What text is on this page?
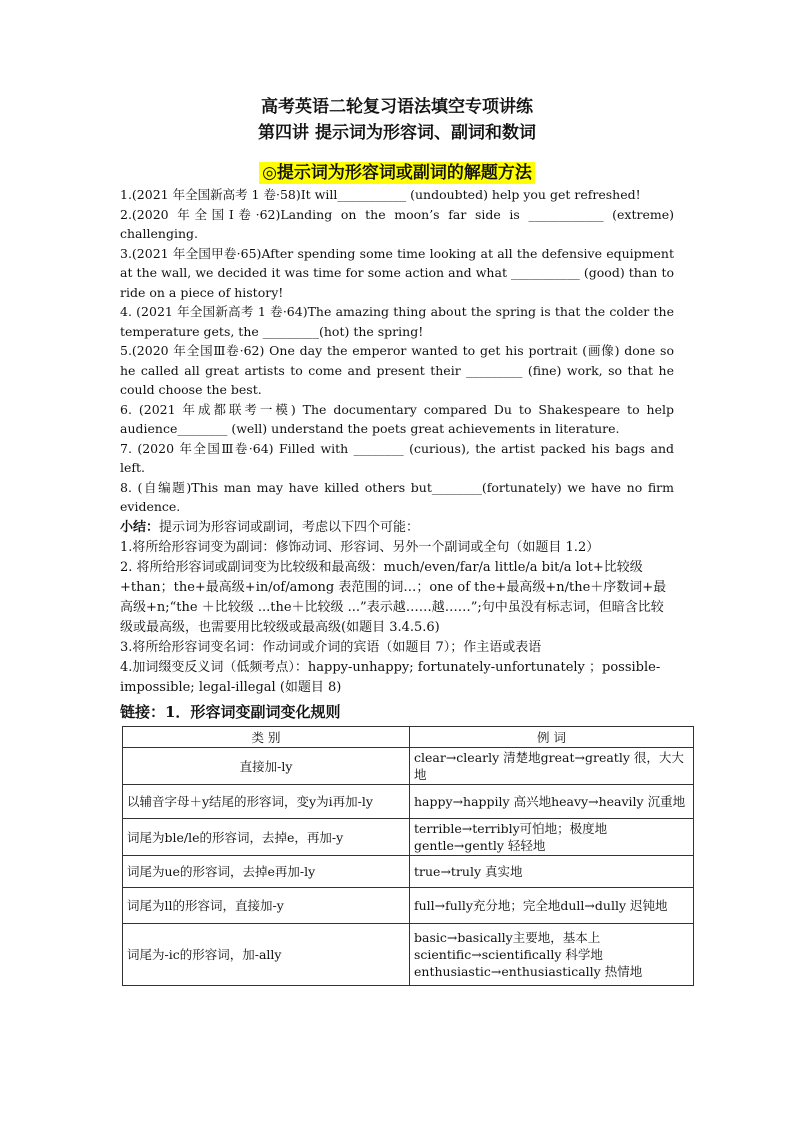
高考英语二轮复习语法填空专项讲练
第四讲 提示词为形容词、副词和数词
◎提示词为形容词或副词的解题方法
1.(2021 年全国新高考 1 卷·58)It will___________ (undoubted) help you get refreshed!
2.(2020 年全国Ⅰ卷·62)Landing on the moon’s far side is ____________ (extreme) challenging.
3.(2021 年全国甲卷·65)After spending some time looking at all the defensive equipment at the wall, we decided it was time for some action and what ___________ (good) than to ride on a piece of history!
4. (2021 年全国新高考 1 卷·64)The amazing thing about the spring is that the colder the temperature gets, the _________(hot) the spring!
5.(2020 年全国Ⅲ卷·62) One day the emperor wanted to get his portrait (画像) done so he called all great artists to come and present their _________ (fine) work, so that he could choose the best.
6. (2021 年成都联考一模) The documentary compared Du to Shakespeare to help audience________ (well) understand the poets great achievements in literature.
7. (2020 年全国Ⅲ卷·64) Filled with ________ (curious), the artist packed his bags and left.
8. (自编题)This man may have killed others but________(fortunately) we have no firm evidence.
小结：提示词为形容词或副词，考虑以下四个可能：
1.将所给形容词变为副词：修饰动词、形容词、另外一个副词或全句（如题目 1.2）
2. 将所给形容词或副词变为比较级和最高级：much/even/far/a little/a bit/a lot+比较级+than；the+最高级+in/of/among 表范围的词…；one of the+最高级+n/the＋序数词+最高级+n;“the ＋比较级 ...the＋比较级 ...”表示越……越……”;句中虽没有标志词，但暗含比较级或最高级，也需要用比较级或最高级(如题目 3.4.5.6)
3.将所给形容词变名词：作动词或介词的宾语（如题目 7）；作主语或表语
4.加词缀变反义词（低频考点）：happy-unhappy; fortunately-unfortunately ；possible-impossible; legal-illegal (如题目 8)
链接：1．形容词变副词变化规则
类 别	例 词
直接加-ly	clear→clearly 清楚地great→greatly 很，大大地

以辅音字母＋y结尾的形容词，变y为i再加-ly	happy→happily 高兴地heavy→heavily 沉重地

词尾为ble/le的形容词，去掉e，再加-y	terrible→terribly可怕地；极度地
gentle→gently 轻轻地

词尾为ue的形容词，去掉e再加-ly	true→truly 真实地

词尾为ll的形容词，直接加-y	full→fully充分地；完全地dull→dully 迟钝地

词尾为-ic的形容词，加-ally	basic→basically主要地，基本上
scientific→scientifically 科学地
enthusiastic→enthusiastically 热情地
